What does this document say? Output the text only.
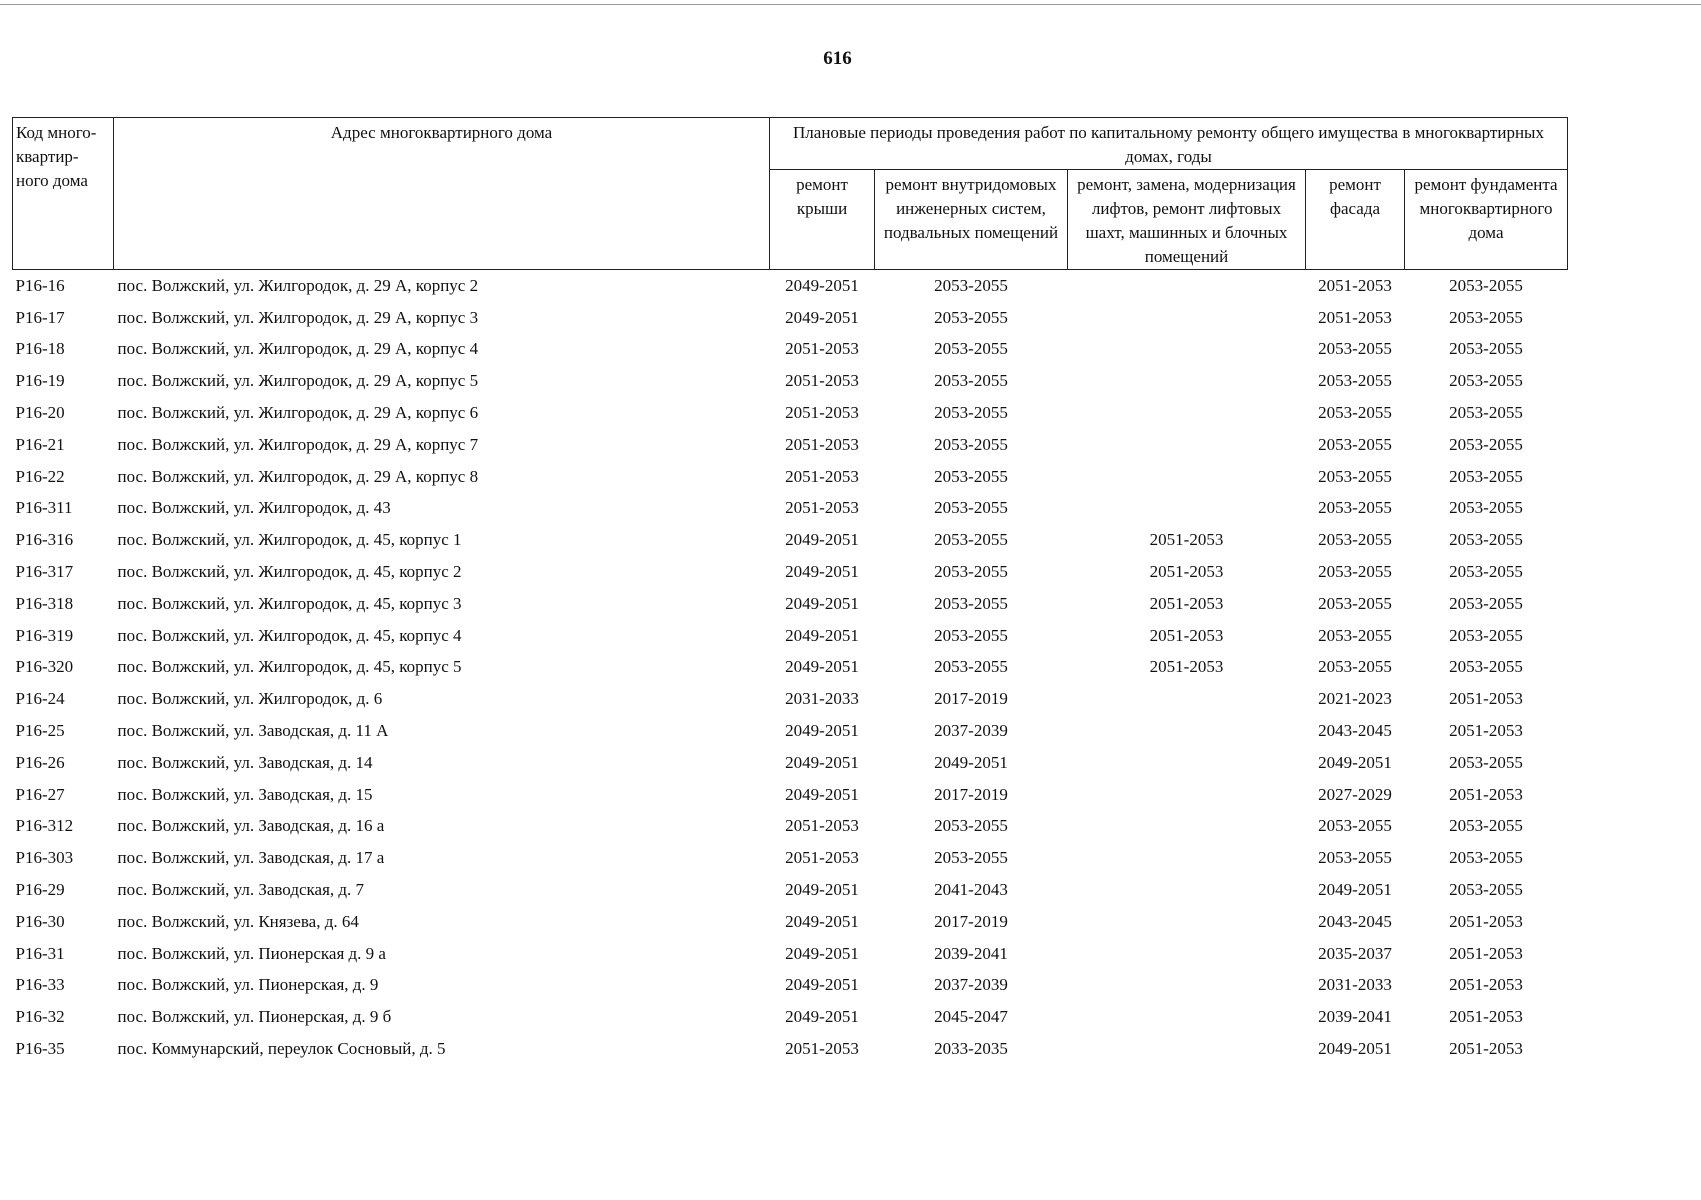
616
Код много-квартир-ного дома	Адрес многоквартирного дома	Плановые периоды проведения работ по капитальному ремонту общего имущества в многоквартирных домах, годы				
		ремонт крыши	ремонт внутридомовых инженерных систем, подвальных помещений	ремонт, замена, модернизация лифтов, ремонт лифтовых шахт, машинных и блочных помещений	ремонт фасада	ремонт фундамента многоквартирного дома
Р16-16	пос. Волжский, ул. Жилгородок, д. 29 А, корпус 2	2049-2051	2053-2055		2051-2053	2053-2055
Р16-17	пос. Волжский, ул. Жилгородок, д. 29 А, корпус 3	2049-2051	2053-2055		2051-2053	2053-2055
Р16-18	пос. Волжский, ул. Жилгородок, д. 29 А, корпус 4	2051-2053	2053-2055		2053-2055	2053-2055
Р16-19	пос. Волжский, ул. Жилгородок, д. 29 А, корпус 5	2051-2053	2053-2055		2053-2055	2053-2055
Р16-20	пос. Волжский, ул. Жилгородок, д. 29 А, корпус 6	2051-2053	2053-2055		2053-2055	2053-2055
Р16-21	пос. Волжский, ул. Жилгородок, д. 29 А, корпус 7	2051-2053	2053-2055		2053-2055	2053-2055
Р16-22	пос. Волжский, ул. Жилгородок, д. 29 А, корпус 8	2051-2053	2053-2055		2053-2055	2053-2055
Р16-311	пос. Волжский, ул. Жилгородок, д. 43	2051-2053	2053-2055		2053-2055	2053-2055
Р16-316	пос. Волжский, ул. Жилгородок, д. 45, корпус 1	2049-2051	2053-2055	2051-2053	2053-2055	2053-2055
Р16-317	пос. Волжский, ул. Жилгородок, д. 45, корпус 2	2049-2051	2053-2055	2051-2053	2053-2055	2053-2055
Р16-318	пос. Волжский, ул. Жилгородок, д. 45, корпус 3	2049-2051	2053-2055	2051-2053	2053-2055	2053-2055
Р16-319	пос. Волжский, ул. Жилгородок, д. 45, корпус 4	2049-2051	2053-2055	2051-2053	2053-2055	2053-2055
Р16-320	пос. Волжский, ул. Жилгородок, д. 45, корпус 5	2049-2051	2053-2055	2051-2053	2053-2055	2053-2055
Р16-24	пос. Волжский, ул. Жилгородок, д. 6	2031-2033	2017-2019		2021-2023	2051-2053
Р16-25	пос. Волжский, ул. Заводская, д. 11 А	2049-2051	2037-2039		2043-2045	2051-2053
Р16-26	пос. Волжский, ул. Заводская, д. 14	2049-2051	2049-2051		2049-2051	2053-2055
Р16-27	пос. Волжский, ул. Заводская, д. 15	2049-2051	2017-2019		2027-2029	2051-2053
Р16-312	пос. Волжский, ул. Заводская, д. 16 а	2051-2053	2053-2055		2053-2055	2053-2055
Р16-303	пос. Волжский, ул. Заводская, д. 17 а	2051-2053	2053-2055		2053-2055	2053-2055
Р16-29	пос. Волжский, ул. Заводская, д. 7	2049-2051	2041-2043		2049-2051	2053-2055
Р16-30	пос. Волжский, ул. Князева, д. 64	2049-2051	2017-2019		2043-2045	2051-2053
Р16-31	пос. Волжский, ул. Пионерская д. 9 а	2049-2051	2039-2041		2035-2037	2051-2053
Р16-33	пос. Волжский, ул. Пионерская, д. 9	2049-2051	2037-2039		2031-2033	2051-2053
Р16-32	пос. Волжский, ул. Пионерская, д. 9 б	2049-2051	2045-2047		2039-2041	2051-2053
Р16-35	пос. Коммунарский, переулок Сосновый, д. 5	2051-2053	2033-2035		2049-2051	2051-2053
